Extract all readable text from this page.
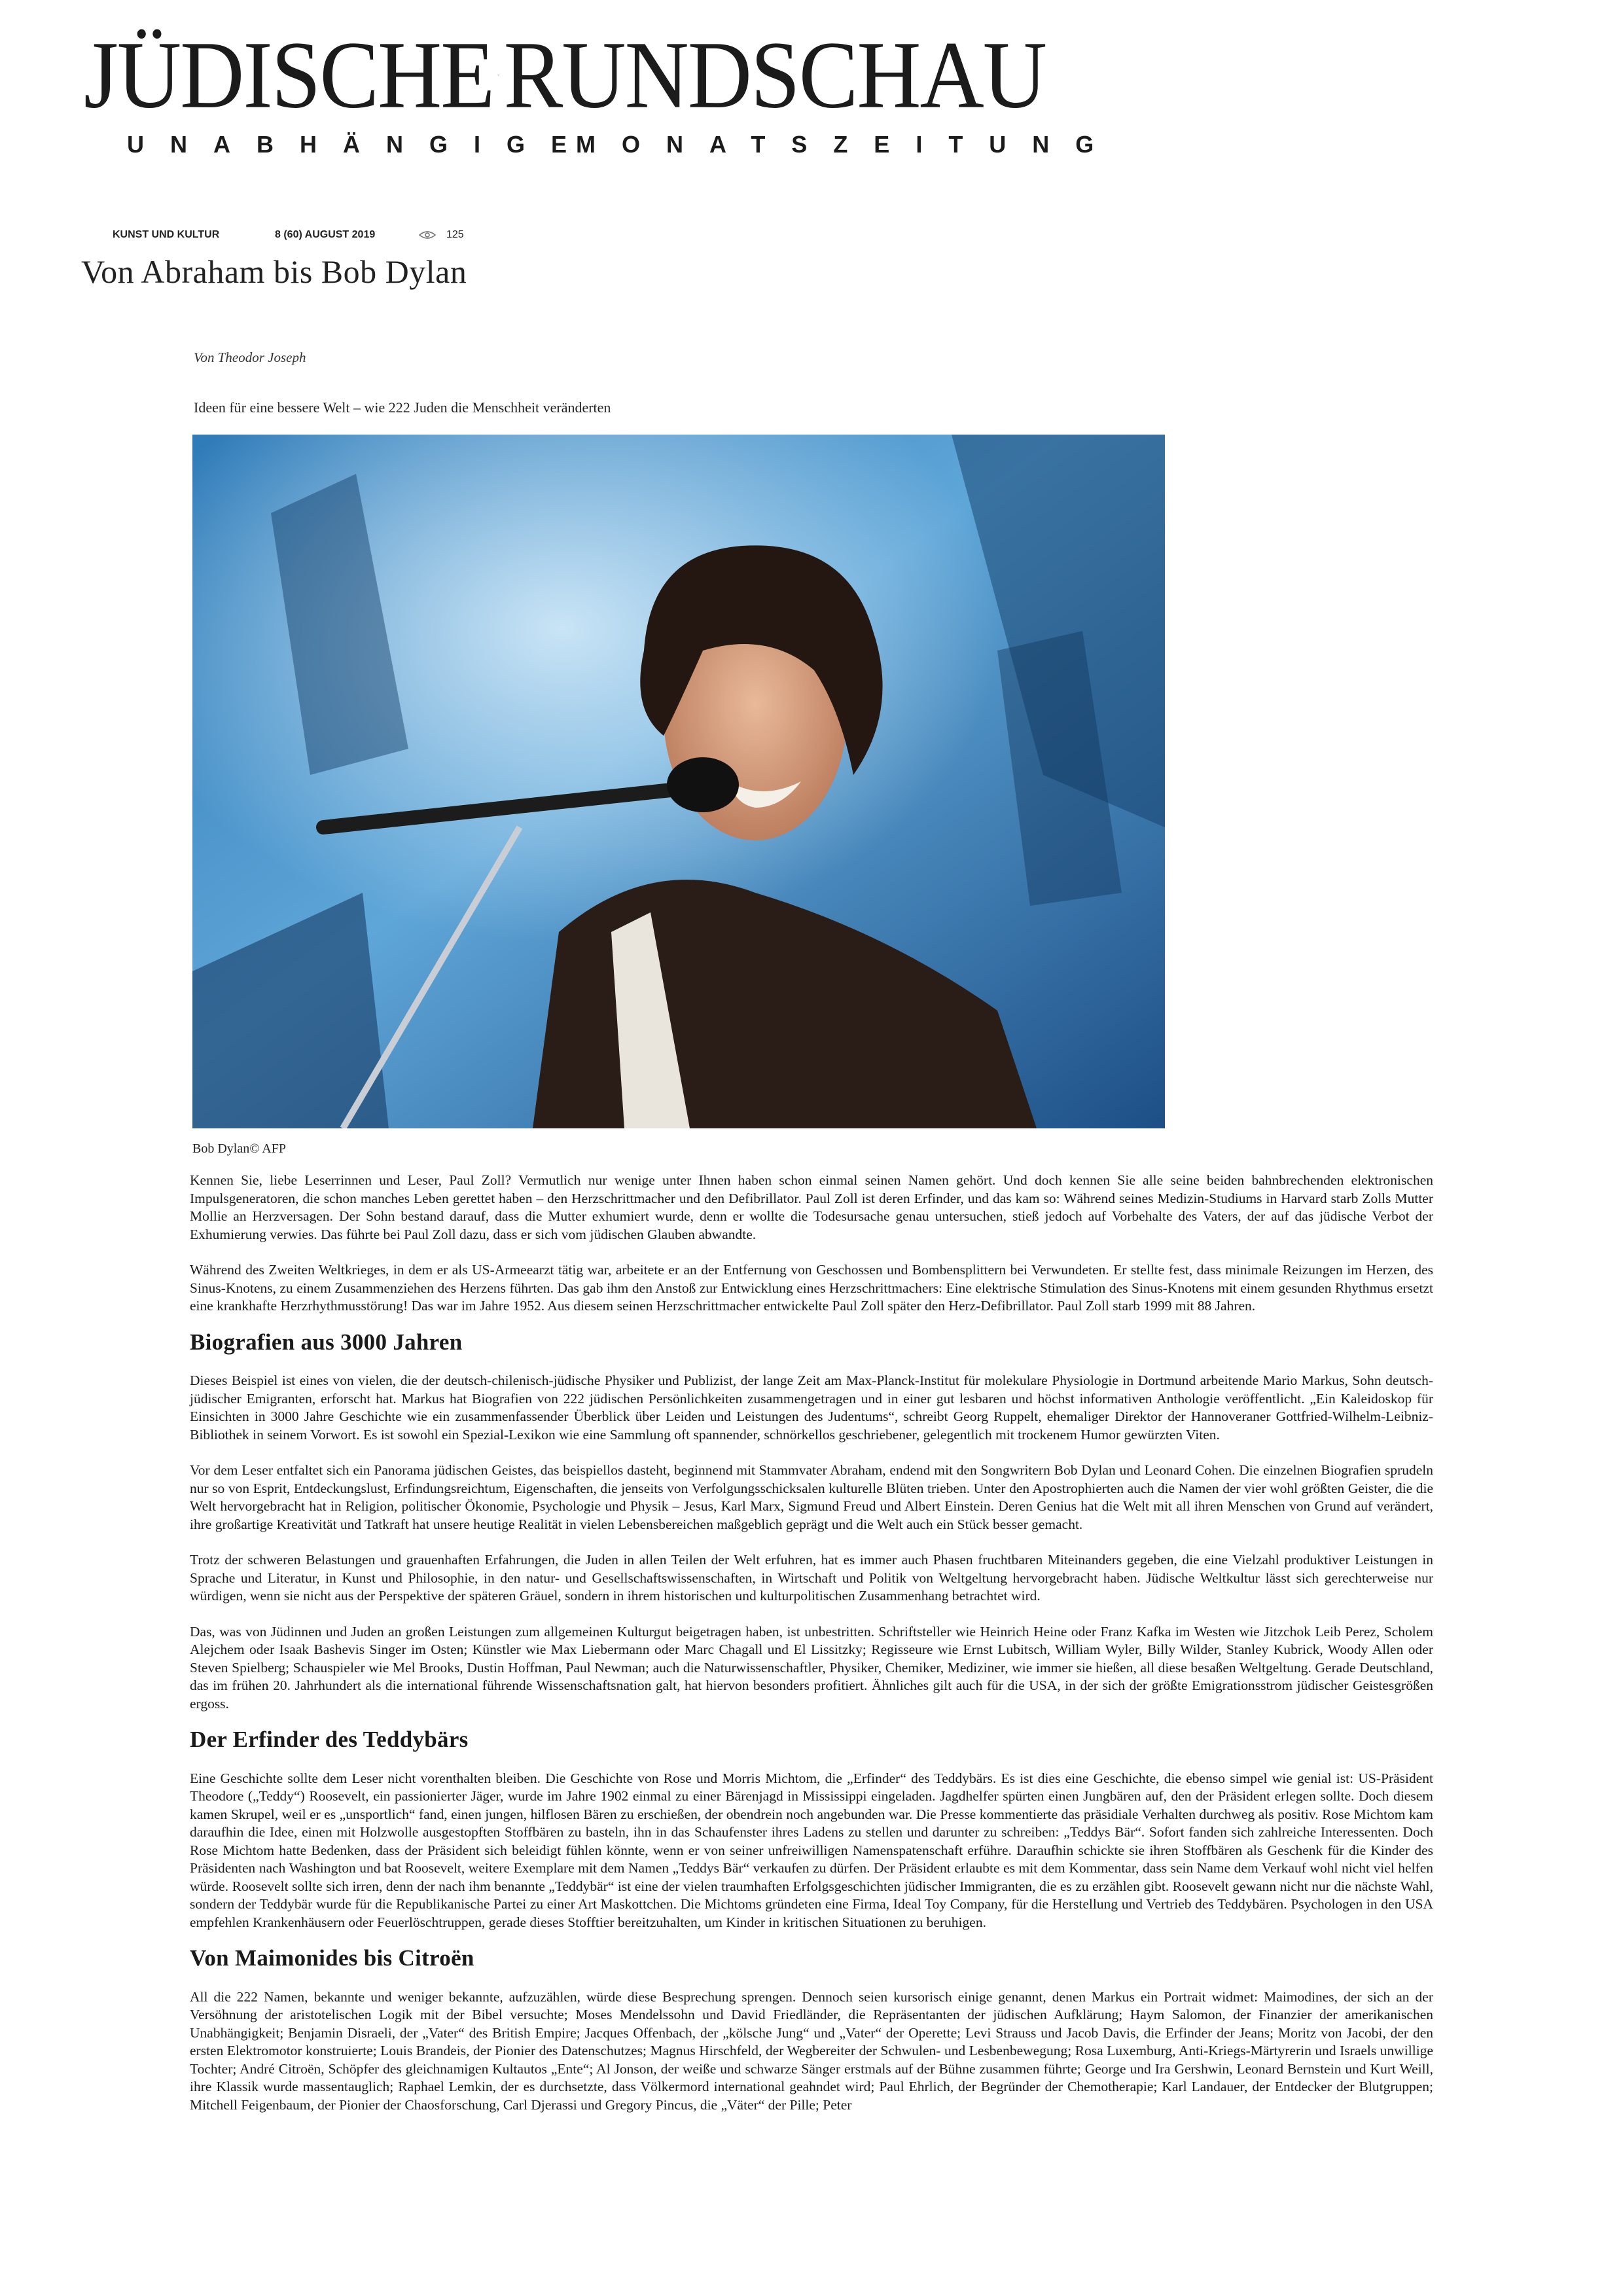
JÜDISCHE RUNDSCHAU
UNABHÄNGIGE
MONATSZEITUNG
KUNST UND KULTUR	8 (60) AUGUST 2019	125
Von Abraham bis Bob Dylan
Von Theodor Joseph
Ideen für eine bessere Welt – wie 222 Juden die Menschheit veränderten
Bob Dylan© AFP

Kennen Sie, liebe Leserrinnen und Leser, Paul Zoll? Vermutlich nur wenige unter Ihnen haben schon einmal seinen Namen gehört. Und doch kennen Sie alle seine beiden bahnbrechenden elektronischen Impulsgeneratoren, die schon manches Leben gerettet haben – den Herzschrittmacher und den Defibrillator. Paul Zoll ist deren Erfinder, und das kam so: Während seines Medizin-Studiums in Harvard starb Zolls Mutter Mollie an Herzversagen. Der Sohn bestand darauf, dass die Mutter exhumiert wurde, denn er wollte die Todesursache genau untersuchen, stieß jedoch auf Vorbehalte des Vaters, der auf das jüdische Verbot der Exhumierung verwies. Das führte bei Paul Zoll dazu, dass er sich vom jüdischen Glauben abwandte.

Während des Zweiten Weltkrieges, in dem er als US-Armeearzt tätig war, arbeitete er an der Entfernung von Geschossen und Bombensplittern bei Verwundeten. Er stellte fest, dass minimale Reizungen im Herzen, des Sinus-Knotens, zu einem Zusammenziehen des Herzens führten. Das gab ihm den Anstoß zur Entwicklung eines Herzschrittmachers: Eine elektrische Stimulation des Sinus-Knotens mit einem gesunden Rhythmus ersetzt eine krankhafte Herzrhythmusstörung! Das war im Jahre 1952. Aus diesem seinen Herzschrittmacher entwickelte Paul Zoll später den Herz-Defibrillator. Paul Zoll starb 1999 mit 88 Jahren.

Biografien aus 3000 Jahren

Dieses Beispiel ist eines von vielen, die der deutsch-chilenisch-jüdische Physiker und Publizist, der lange Zeit am Max-Planck-Institut für molekulare Physiologie in Dortmund arbeitende Mario Markus, Sohn deutsch-jüdischer Emigranten, erforscht hat. Markus hat Biografien von 222 jüdischen Persönlichkeiten zusammengetragen und in einer gut lesbaren und höchst informativen Anthologie veröffentlicht. „Ein Kaleidoskop für Einsichten in 3000 Jahre Geschichte wie ein zusammenfassender Überblick über Leiden und Leistungen des Judentums“, schreibt Georg Ruppelt, ehemaliger Direktor der Hannoveraner Gottfried-Wilhelm-Leibniz-Bibliothek in seinem Vorwort. Es ist sowohl ein Spezial-Lexikon wie eine Sammlung oft spannender, schnörkellos geschriebener, gelegentlich mit trockenem Humor gewürzten Viten.

Vor dem Leser entfaltet sich ein Panorama jüdischen Geistes, das beispiellos dasteht, beginnend mit Stammvater Abraham, endend mit den Songwritern Bob Dylan und Leonard Cohen. Die einzelnen Biografien sprudeln nur so von Esprit, Entdeckungslust, Erfindungsreichtum, Eigenschaften, die jenseits von Verfolgungsschicksalen kulturelle Blüten trieben. Unter den Apostrophierten auch die Namen der vier wohl größten Geister, die die Welt hervorgebracht hat in Religion, politischer Ökonomie, Psychologie und Physik – Jesus, Karl Marx, Sigmund Freud und Albert Einstein. Deren Genius hat die Welt mit all ihren Menschen von Grund auf verändert, ihre großartige Kreativität und Tatkraft hat unsere heutige Realität in vielen Lebensbereichen maßgeblich geprägt und die Welt auch ein Stück besser gemacht.

Trotz der schweren Belastungen und grauenhaften Erfahrungen, die Juden in allen Teilen der Welt erfuhren, hat es immer auch Phasen fruchtbaren Miteinanders gegeben, die eine Vielzahl produktiver Leistungen in Sprache und Literatur, in Kunst und Philosophie, in den natur- und Gesellschaftswissenschaften, in Wirtschaft und Politik von Weltgeltung hervorgebracht haben. Jüdische Weltkultur lässt sich gerechterweise nur würdigen, wenn sie nicht aus der Perspektive der späteren Gräuel, sondern in ihrem historischen und kulturpolitischen Zusammenhang betrachtet wird.

Das, was von Jüdinnen und Juden an großen Leistungen zum allgemeinen Kulturgut beigetragen haben, ist unbestritten. Schriftsteller wie Heinrich Heine oder Franz Kafka im Westen wie Jitzchok Leib Perez, Scholem Alejchem oder Isaak Bashevis Singer im Osten; Künstler wie Max Liebermann oder Marc Chagall und El Lissitzky; Regisseure wie Ernst Lubitsch, William Wyler, Billy Wilder, Stanley Kubrick, Woody Allen oder Steven Spielberg; Schauspieler wie Mel Brooks, Dustin Hoffman, Paul Newman; auch die Naturwissenschaftler, Physiker, Chemiker, Mediziner, wie immer sie hießen, all diese besaßen Weltgeltung. Gerade Deutschland, das im frühen 20. Jahrhundert als die international führende Wissenschaftsnation galt, hat hiervon besonders profitiert. Ähnliches gilt auch für die USA, in der sich der größte Emigrationsstrom jüdischer Geistesgrößen ergoss.

Der Erfinder des Teddybärs

Eine Geschichte sollte dem Leser nicht vorenthalten bleiben. Die Geschichte von Rose und Morris Michtom, die „Erfinder“ des Teddybärs. Es ist dies eine Geschichte, die ebenso simpel wie genial ist: US-Präsident Theodore („Teddy“) Roosevelt, ein passionierter Jäger, wurde im Jahre 1902 einmal zu einer Bärenjagd in Mississippi eingeladen. Jagdhelfer spürten einen Jungbären auf, den der Präsident erlegen sollte. Doch diesem kamen Skrupel, weil er es „unsportlich“ fand, einen jungen, hilflosen Bären zu erschießen, der obendrein noch angebunden war. Die Presse kommentierte das präsidiale Verhalten durchweg als positiv. Rose Michtom kam daraufhin die Idee, einen mit Holzwolle ausgestopften Stoffbären zu basteln, ihn in das Schaufenster ihres Ladens zu stellen und darunter zu schreiben: „Teddys Bär“. Sofort fanden sich zahlreiche Interessenten. Doch Rose Michtom hatte Bedenken, dass der Präsident sich beleidigt fühlen könnte, wenn er von seiner unfreiwilligen Namenspatenschaft erführe. Daraufhin schickte sie ihren Stoffbären als Geschenk für die Kinder des Präsidenten nach Washington und bat Roosevelt, weitere Exemplare mit dem Namen „Teddys Bär“ verkaufen zu dürfen. Der Präsident erlaubte es mit dem Kommentar, dass sein Name dem Verkauf wohl nicht viel helfen würde. Roosevelt sollte sich irren, denn der nach ihm benannte „Teddybär“ ist eine der vielen traumhaften Erfolgsgeschichten jüdischer Immigranten, die es zu erzählen gibt. Roosevelt gewann nicht nur die nächste Wahl, sondern der Teddybär wurde für die Republikanische Partei zu einer Art Maskottchen. Die Michtoms gründeten eine Firma, Ideal Toy Company, für die Herstellung und Vertrieb des Teddybären. Psychologen in den USA empfehlen Krankenhäusern oder Feuerlöschtruppen, gerade dieses Stofftier bereitzuhalten, um Kinder in kritischen Situationen zu beruhigen.

Von Maimonides bis Citroën

All die 222 Namen, bekannte und weniger bekannte, aufzuzählen, würde diese Besprechung sprengen. Dennoch seien kursorisch einige genannt, denen Markus ein Portrait widmet: Maimodines, der sich an der Versöhnung der aristotelischen Logik mit der Bibel versuchte; Moses Mendelssohn und David Friedländer, die Repräsentanten der jüdischen Aufklärung; Haym Salomon, der Finanzier der amerikanischen Unabhängigkeit; Benjamin Disraeli, der „Vater“ des British Empire; Jacques Offenbach, der „kölsche Jung“ und „Vater“ der Operette; Levi Strauss und Jacob Davis, die Erfinder der Jeans; Moritz von Jacobi, der den ersten Elektromotor konstruierte; Louis Brandeis, der Pionier des Datenschutzes; Magnus Hirschfeld, der Wegbereiter der Schwulen- und Lesbenbewegung; Rosa Luxemburg, Anti-Kriegs-Märtyrerin und Israels unwillige Tochter; André Citroën, Schöpfer des gleichnamigen Kultautos „Ente“; Al Jonson, der weiße und schwarze Sänger erstmals auf der Bühne zusammen führte; George und Ira Gershwin, Leonard Bernstein und Kurt Weill, ihre Klassik wurde massentauglich; Raphael Lemkin, der es durchsetzte, dass Völkermord international geahndet wird; Paul Ehrlich, der Begründer der Chemotherapie; Karl Landauer, der Entdecker der Blutgruppen; Mitchell Feigenbaum, der Pionier der Chaosforschung, Carl Djerassi und Gregory Pincus, die „Väter“ der Pille; Peter
